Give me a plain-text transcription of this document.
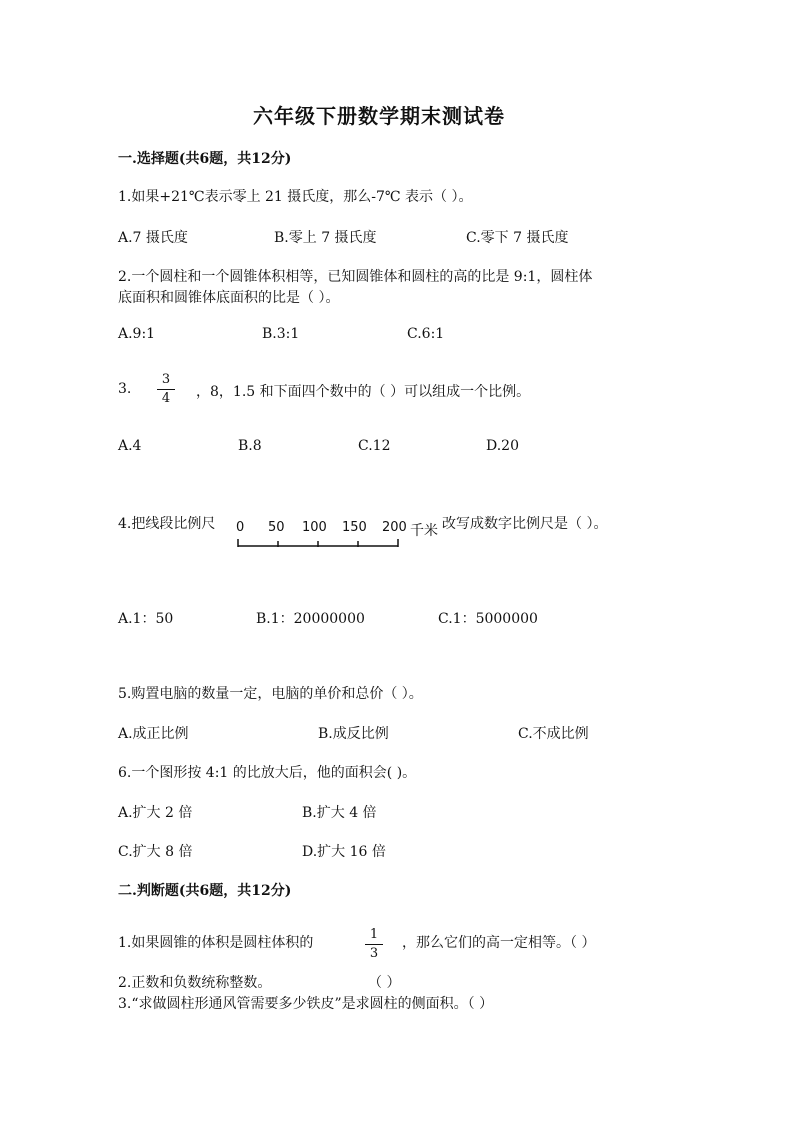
六年级下册数学期末测试卷
一.选择题(共6题，共12分)
1.如果+21℃表示零上 21 摄氏度，那么-7℃ 表示（ ）。
A.7 摄氏度	B.零上 7 摄氏度	C.零下 7 摄氏度
2.一个圆柱和一个圆锥体积相等，已知圆锥体和圆柱的高的比是 9:1，圆柱体
底面积和圆锥体底面积的比是（ ）。
A.9:1	B.3:1	C.6:1
3.
3
4	，8，1.5 和下面四个数中的（ ）可以组成一个比例。
A.4	B.8	C.12	D.20
4.把线段比例尺 0 50 100 150 200 千米 改写成数字比例尺是（ ）。
A.1：50	B.1：20000000	C.1：5000000
5.购置电脑的数量一定，电脑的单价和总价（ ）。
A.成正比例	B.成反比例	C.不成比例
6.一个图形按 4:1 的比放大后，他的面积会( )。
A.扩大 2 倍	B.扩大 4 倍
C.扩大 8 倍	D.扩大 16 倍
二.判断题(共6题，共12分)
1.如果圆锥的体积是圆柱体积的
1
3
，那么它们的高一定相等。（ ）
2.正数和负数统称整数。	（ ）
3.“求做圆柱形通风管需要多少铁皮”是求圆柱的侧面积。（ ）
